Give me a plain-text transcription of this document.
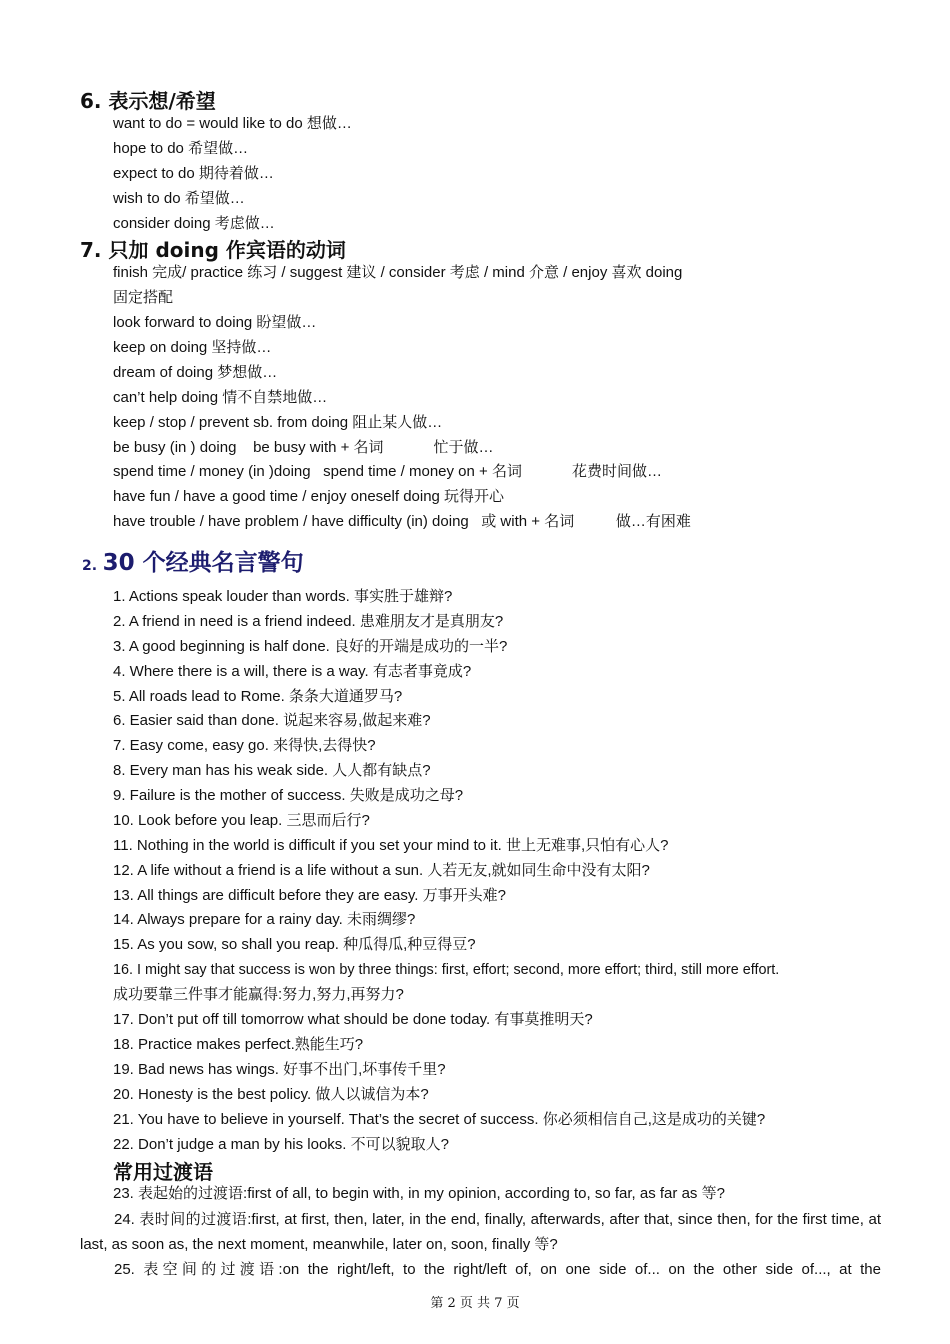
6. 表示想/希望
want to do = would like to do 想做…
hope to do 希望做…
expect to do 期待着做…
wish to do 希望做…
consider doing 考虑做…
7. 只加 doing 作宾语的动词
finish 完成/ practice 练习 / suggest 建议 / consider 考虑 / mind 介意 / enjoy 喜欢 doing
固定搭配
look forward to doing 盼望做…
keep on doing 坚持做…
dream of doing 梦想做…
can’t help doing 情不自禁地做…
keep / stop / prevent sb. from doing 阻止某人做…
be busy (in ) doing    be busy with + 名词            忙于做…
spend time / money (in )doing   spend time / money on + 名词            花费时间做…
have fun / have a good time / enjoy oneself doing 玩得开心
have trouble / have problem / have difficulty (in) doing   或 with + 名词          做…有困难
2. 30 个经典名言警句
1. Actions speak louder than words. 事实胜于雄辩?
2. A friend in need is a friend indeed. 患难朋友才是真朋友?
3. A good beginning is half done. 良好的开端是成功的一半?
4. Where there is a will, there is a way. 有志者事竟成?
5. All roads lead to Rome. 条条大道通罗马?
6. Easier said than done. 说起来容易,做起来难?
7. Easy come, easy go. 来得快,去得快?
8. Every man has his weak side. 人人都有缺点?
9. Failure is the mother of success. 失败是成功之母?
10. Look before you leap. 三思而后行?
11. Nothing in the world is difficult if you set your mind to it. 世上无难事,只怕有心人?
12. A life without a friend is a life without a sun. 人若无友,就如同生命中没有太阳?
13. All things are difficult before they are easy. 万事开头难?
14. Always prepare for a rainy day. 未雨绸缪?
15. As you sow, so shall you reap. 种瓜得瓜,种豆得豆?
16. I might say that success is won by three things: first, effort; second, more effort; third, still more effort.
成功要靠三件事才能赢得:努力,努力,再努力?
17. Don’t put off till tomorrow what should be done today. 有事莫推明天?
18. Practice makes perfect.熟能生巧?
19. Bad news has wings. 好事不出门,坏事传千里?
20. Honesty is the best policy. 做人以诚信为本?
21. You have to believe in yourself. That’s the secret of success. 你必须相信自己,这是成功的关键?
22. Don’t judge a man by his looks. 不可以貌取人?
常用过渡语
23. 表起始的过渡语:first of all, to begin with, in my opinion, according to, so far, as far as 等?
24. 表时间的过渡语:first, at first, then, later, in the end, finally, afterwards, after that, since then, for the first time, at last, as soon as, the next moment, meanwhile, later on, soon, finally 等?
25. 表空间的过渡语:on the right/left, to the right/left of, on one side of... on the other side of..., at the
第 2 页 共 7 页
